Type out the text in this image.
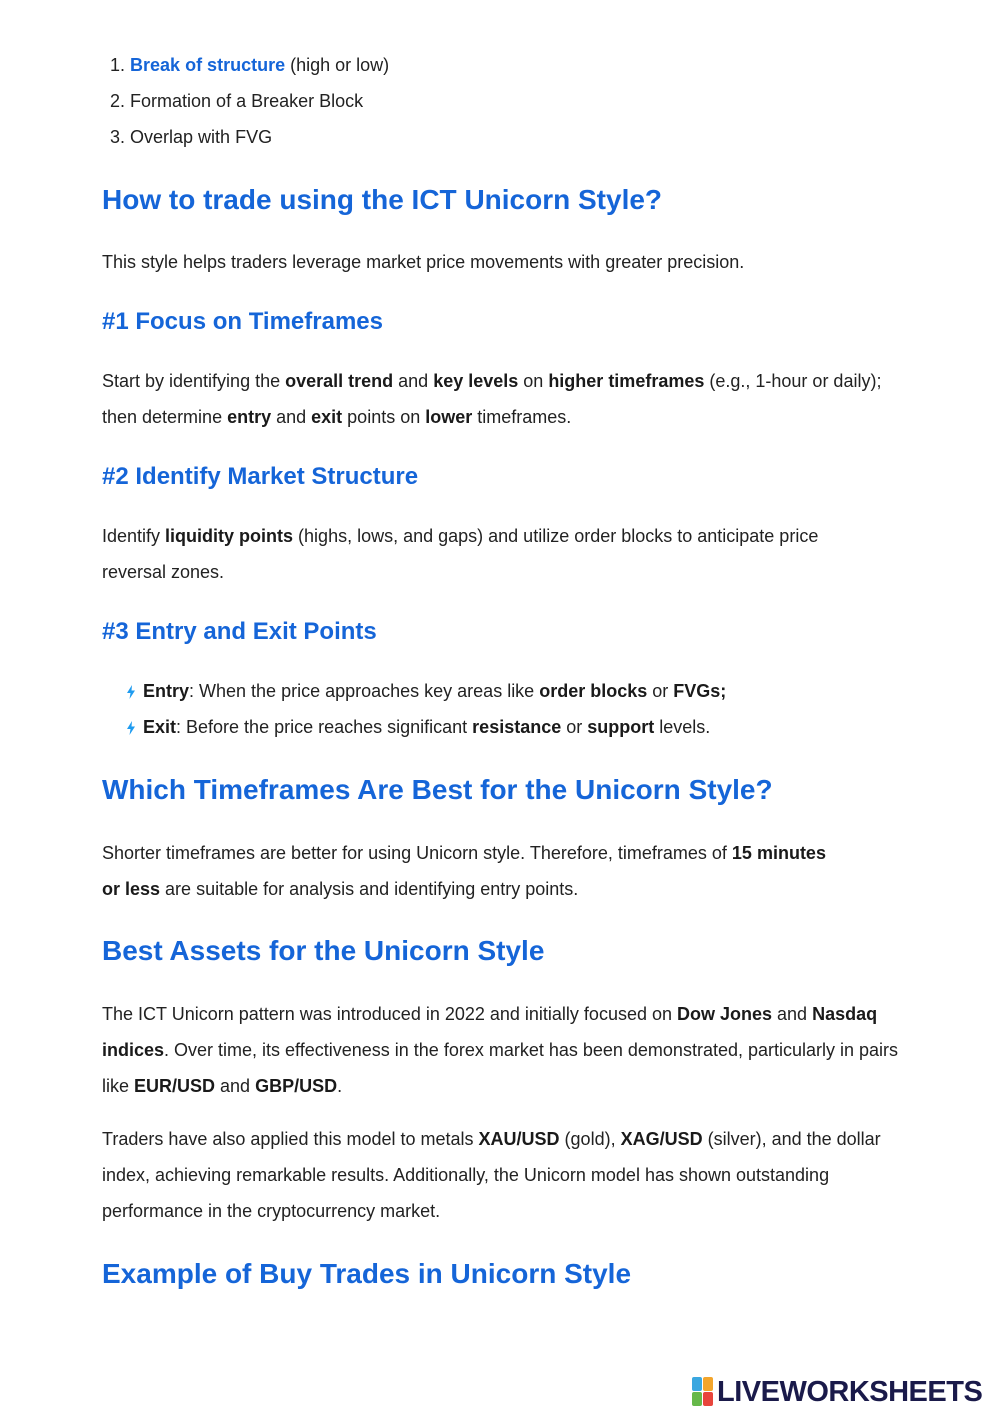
1. Break of structure (high or low)
2. Formation of a Breaker Block
3. Overlap with FVG
How to trade using the ICT Unicorn Style?

This style helps traders leverage market price movements with greater precision.

#1 Focus on Timeframes

Start by identifying the overall trend and key levels on higher timeframes (e.g., 1-hour or daily); then determine entry and exit points on lower timeframes.

#2 Identify Market Structure

Identify liquidity points (highs, lows, and gaps) and utilize order blocks to anticipate price reversal zones.

#3 Entry and Exit Points
Entry: When the price approaches key areas like order blocks or FVGs;
Exit: Before the price reaches significant resistance or support levels.
Which Timeframes Are Best for the Unicorn Style?

Shorter timeframes are better for using Unicorn style. Therefore, timeframes of 15 minutes or less are suitable for analysis and identifying entry points.

Best Assets for the Unicorn Style

The ICT Unicorn pattern was introduced in 2022 and initially focused on Dow Jones and Nasdaq indices. Over time, its effectiveness in the forex market has been demonstrated, particularly in pairs like EUR/USD and GBP/USD.

Traders have also applied this model to metals XAU/USD (gold), XAG/USD (silver), and the dollar index, achieving remarkable results. Additionally, the Unicorn model has shown outstanding performance in the cryptocurrency market.

Example of Buy Trades in Unicorn Style
LIVEWORKSHEETS
